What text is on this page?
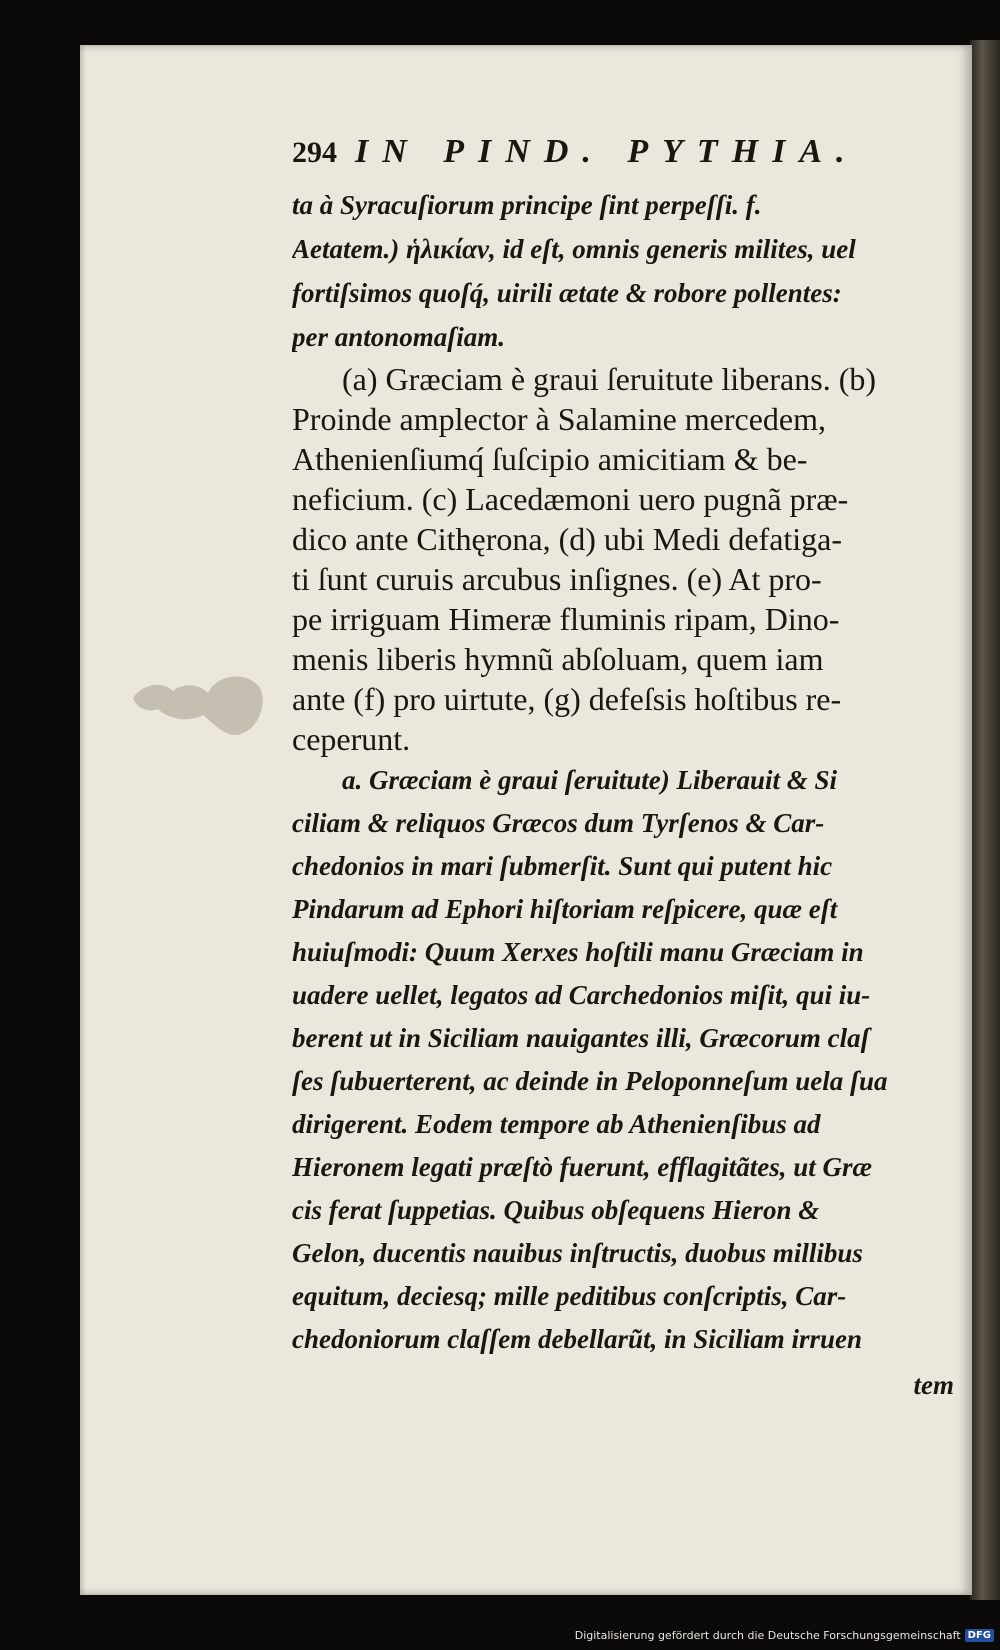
294 IN PIND. PYTHIA.
ta à Syracuſiorum principe ſint perpeſſi. f.
Aetatem.) ἡλικίαν, id eſt, omnis generis milites, uel
fortiſsimos quoſq́, uirili ætate & robore pollentes:
per antonomaſiam.
(a) Græciam è graui ſeruitute liberans. (b)
Proinde amplector à Salamine mercedem,
Athenienſiumq́ ſuſcipio amicitiam & be-
neficium. (c) Lacedæmoni uero pugnã præ-
dico ante Cithęrona, (d) ubi Medi defatiga-
ti ſunt curuis arcubus inſignes. (e) At pro-
pe irriguam Himeræ fluminis ripam, Dino-
menis liberis hymnũ abſoluam, quem iam
ante (f) pro uirtute, (g) defeſsis hoſtibus re-
ceperunt.
a. Græciam è graui ſeruitute) Liberauit & Si
ciliam & reliquos Græcos dum Tyrſenos & Car-
chedonios in mari ſubmerſit. Sunt qui putent hic
Pindarum ad Ephori hiſtoriam reſpicere, quæ eſt
huiuſmodi: Quum Xerxes hoſtili manu Græciam in
uadere uellet, legatos ad Carchedonios miſit, qui iu-
berent ut in Siciliam nauigantes illi, Græcorum claſ
ſes ſubuerterent, ac deinde in Peloponneſum uela ſua
dirigerent. Eodem tempore ab Athenienſibus ad
Hieronem legati præſtò fuerunt, efflagitãtes, ut Græ
cis ferat ſuppetias. Quibus obſequens Hieron &
Gelon, ducentis nauibus inſtructis, duobus millibus
equitum, deciesq; mille peditibus conſcriptis, Car-
chedoniorum claſſem debellarũt, in Siciliam irruen
tem
Digitalisierung gefördert durch die Deutsche Forschungsgemeinschaft DFG
